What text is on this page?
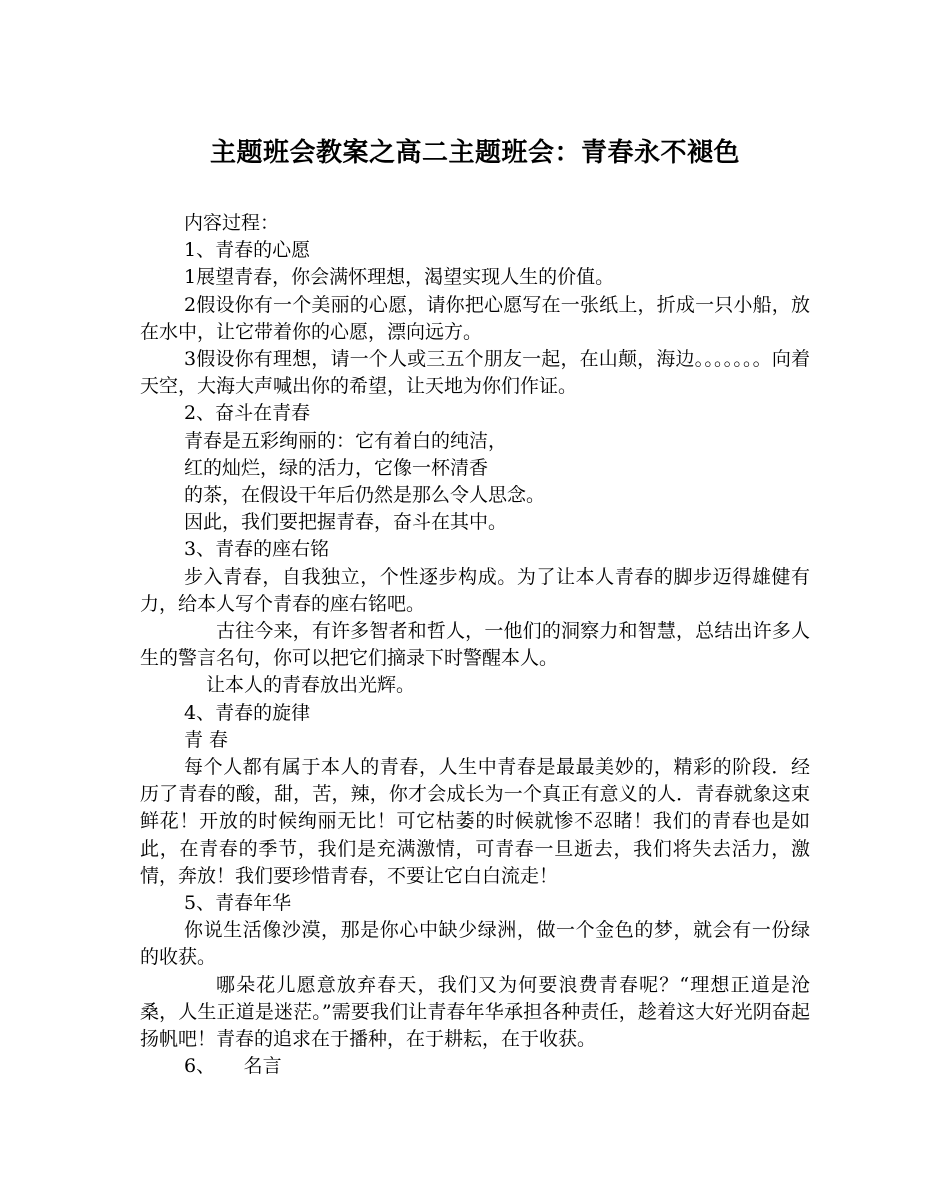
主题班会教案之高二主题班会：青春永不褪色

内容过程：

1、青春的心愿

1展望青春，你会满怀理想，渴望实现人生的价值。

2假设你有一个美丽的心愿，请你把心愿写在一张纸上，折成一只小船，放在水中，让它带着你的心愿，漂向远方。

3假设你有理想，请一个人或三五个朋友一起，在山颠，海边。。。。。。。向着天空，大海大声喊出你的希望，让天地为你们作证。

2、奋斗在青春

青春是五彩绚丽的：它有着白的纯洁，

红的灿烂，绿的活力，它像一杯清香

的茶，在假设干年后仍然是那么令人思念。

因此，我们要把握青春，奋斗在其中。

3、青春的座右铭

步入青春，自我独立，个性逐步构成。为了让本人青春的脚步迈得雄健有力，给本人写个青春的座右铭吧。

古往今来，有许多智者和哲人，一他们的洞察力和智慧，总结出许多人生的警言名句，你可以把它们摘录下时警醒本人。

让本人的青春放出光辉。

4、青春的旋律

青 春

每个人都有属于本人的青春，人生中青春是最最美妙的，精彩的阶段．经历了青春的酸，甜，苦，辣，你才会成长为一个真正有意义的人．青春就象这束鲜花！开放的时候绚丽无比！可它枯萎的时候就惨不忍睹！我们的青春也是如此，在青春的季节，我们是充满激情，可青春一旦逝去，我们将失去活力，激情，奔放！我们要珍惜青春，不要让它白白流走！

5、青春年华

你说生活像沙漠，那是你心中缺少绿洲，做一个金色的梦，就会有一份绿的收获。

哪朵花儿愿意放弃春天，我们又为何要浪费青春呢？“理想正道是沧桑，人生正道是迷茫。”需要我们让青春年华承担各种责任，趁着这大好光阴奋起扬帆吧！青春的追求在于播种，在于耕耘，在于收获。

6、　　名言
